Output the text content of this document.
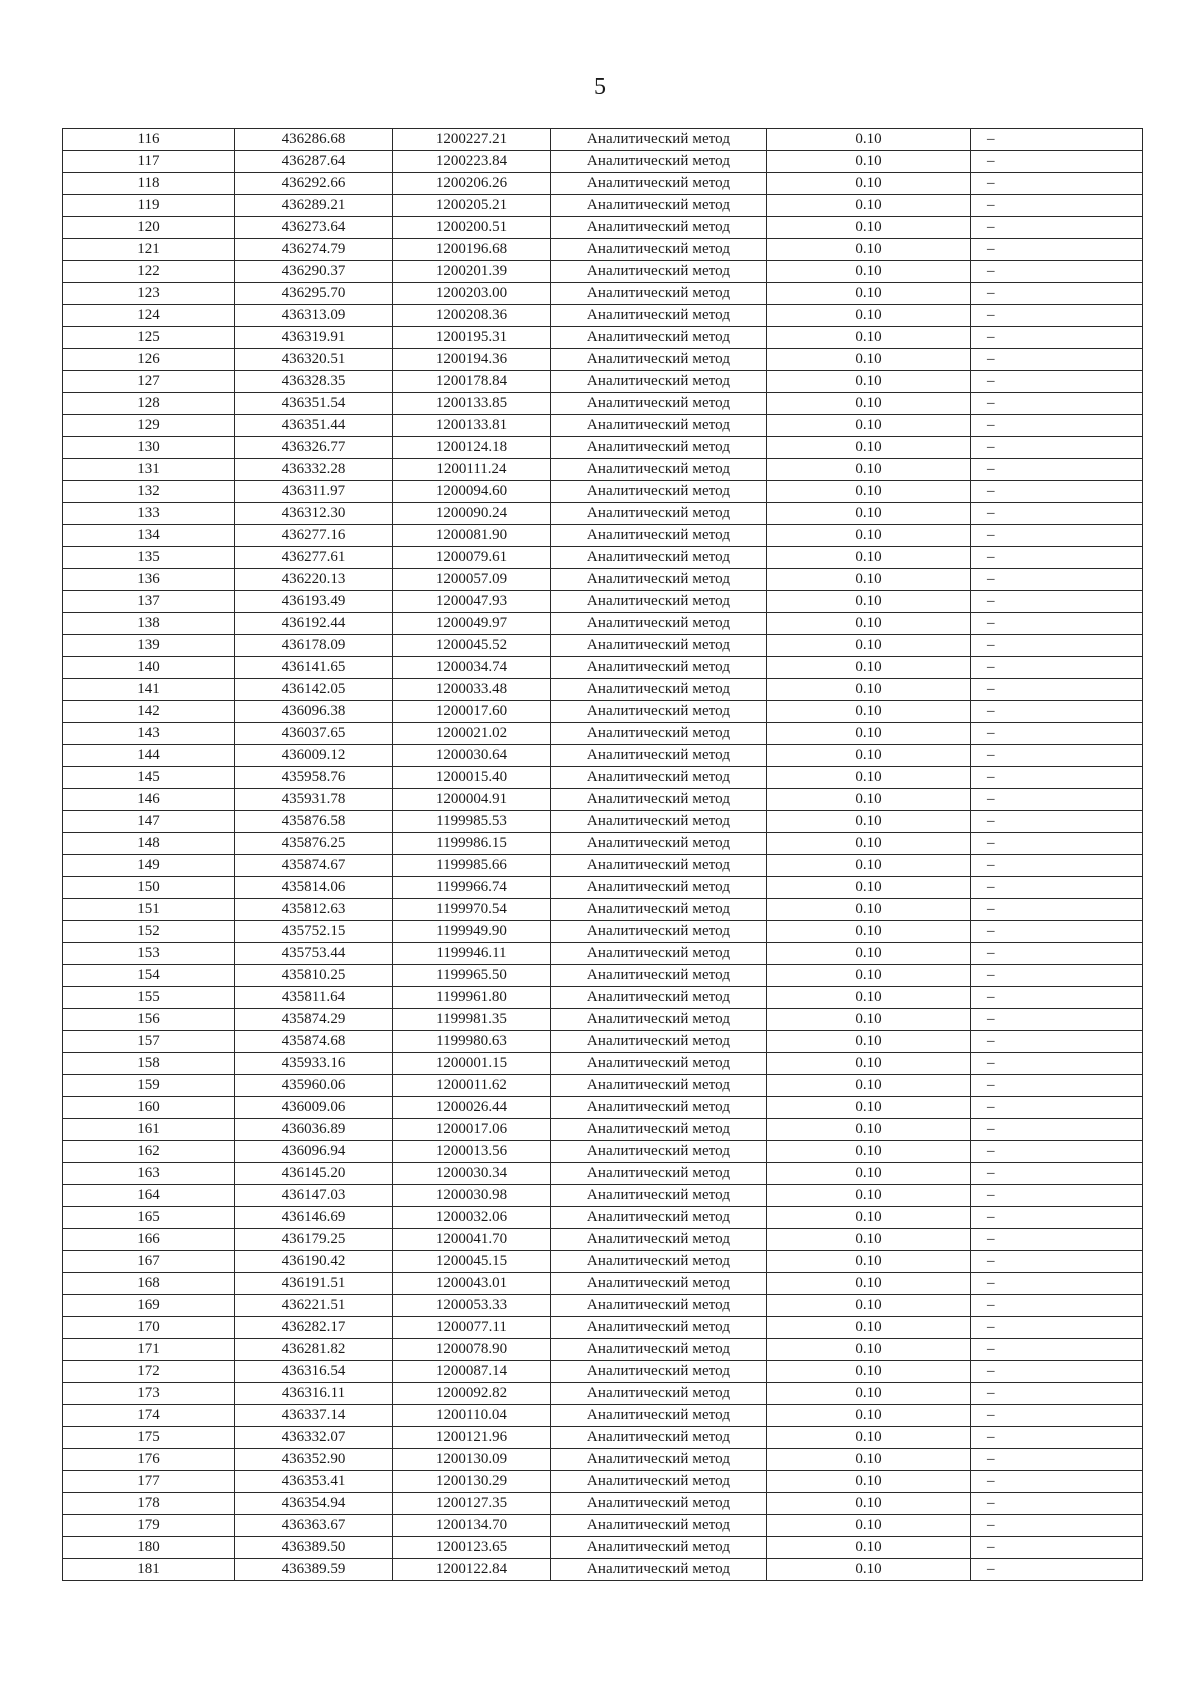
5
116	436286.68	1200227.21	Аналитический метод	0.10	–
117	436287.64	1200223.84	Аналитический метод	0.10	–
118	436292.66	1200206.26	Аналитический метод	0.10	–
119	436289.21	1200205.21	Аналитический метод	0.10	–
120	436273.64	1200200.51	Аналитический метод	0.10	–
121	436274.79	1200196.68	Аналитический метод	0.10	–
122	436290.37	1200201.39	Аналитический метод	0.10	–
123	436295.70	1200203.00	Аналитический метод	0.10	–
124	436313.09	1200208.36	Аналитический метод	0.10	–
125	436319.91	1200195.31	Аналитический метод	0.10	–
126	436320.51	1200194.36	Аналитический метод	0.10	–
127	436328.35	1200178.84	Аналитический метод	0.10	–
128	436351.54	1200133.85	Аналитический метод	0.10	–
129	436351.44	1200133.81	Аналитический метод	0.10	–
130	436326.77	1200124.18	Аналитический метод	0.10	–
131	436332.28	1200111.24	Аналитический метод	0.10	–
132	436311.97	1200094.60	Аналитический метод	0.10	–
133	436312.30	1200090.24	Аналитический метод	0.10	–
134	436277.16	1200081.90	Аналитический метод	0.10	–
135	436277.61	1200079.61	Аналитический метод	0.10	–
136	436220.13	1200057.09	Аналитический метод	0.10	–
137	436193.49	1200047.93	Аналитический метод	0.10	–
138	436192.44	1200049.97	Аналитический метод	0.10	–
139	436178.09	1200045.52	Аналитический метод	0.10	–
140	436141.65	1200034.74	Аналитический метод	0.10	–
141	436142.05	1200033.48	Аналитический метод	0.10	–
142	436096.38	1200017.60	Аналитический метод	0.10	–
143	436037.65	1200021.02	Аналитический метод	0.10	–
144	436009.12	1200030.64	Аналитический метод	0.10	–
145	435958.76	1200015.40	Аналитический метод	0.10	–
146	435931.78	1200004.91	Аналитический метод	0.10	–
147	435876.58	1199985.53	Аналитический метод	0.10	–
148	435876.25	1199986.15	Аналитический метод	0.10	–
149	435874.67	1199985.66	Аналитический метод	0.10	–
150	435814.06	1199966.74	Аналитический метод	0.10	–
151	435812.63	1199970.54	Аналитический метод	0.10	–
152	435752.15	1199949.90	Аналитический метод	0.10	–
153	435753.44	1199946.11	Аналитический метод	0.10	–
154	435810.25	1199965.50	Аналитический метод	0.10	–
155	435811.64	1199961.80	Аналитический метод	0.10	–
156	435874.29	1199981.35	Аналитический метод	0.10	–
157	435874.68	1199980.63	Аналитический метод	0.10	–
158	435933.16	1200001.15	Аналитический метод	0.10	–
159	435960.06	1200011.62	Аналитический метод	0.10	–
160	436009.06	1200026.44	Аналитический метод	0.10	–
161	436036.89	1200017.06	Аналитический метод	0.10	–
162	436096.94	1200013.56	Аналитический метод	0.10	–
163	436145.20	1200030.34	Аналитический метод	0.10	–
164	436147.03	1200030.98	Аналитический метод	0.10	–
165	436146.69	1200032.06	Аналитический метод	0.10	–
166	436179.25	1200041.70	Аналитический метод	0.10	–
167	436190.42	1200045.15	Аналитический метод	0.10	–
168	436191.51	1200043.01	Аналитический метод	0.10	–
169	436221.51	1200053.33	Аналитический метод	0.10	–
170	436282.17	1200077.11	Аналитический метод	0.10	–
171	436281.82	1200078.90	Аналитический метод	0.10	–
172	436316.54	1200087.14	Аналитический метод	0.10	–
173	436316.11	1200092.82	Аналитический метод	0.10	–
174	436337.14	1200110.04	Аналитический метод	0.10	–
175	436332.07	1200121.96	Аналитический метод	0.10	–
176	436352.90	1200130.09	Аналитический метод	0.10	–
177	436353.41	1200130.29	Аналитический метод	0.10	–
178	436354.94	1200127.35	Аналитический метод	0.10	–
179	436363.67	1200134.70	Аналитический метод	0.10	–
180	436389.50	1200123.65	Аналитический метод	0.10	–
181	436389.59	1200122.84	Аналитический метод	0.10	–
